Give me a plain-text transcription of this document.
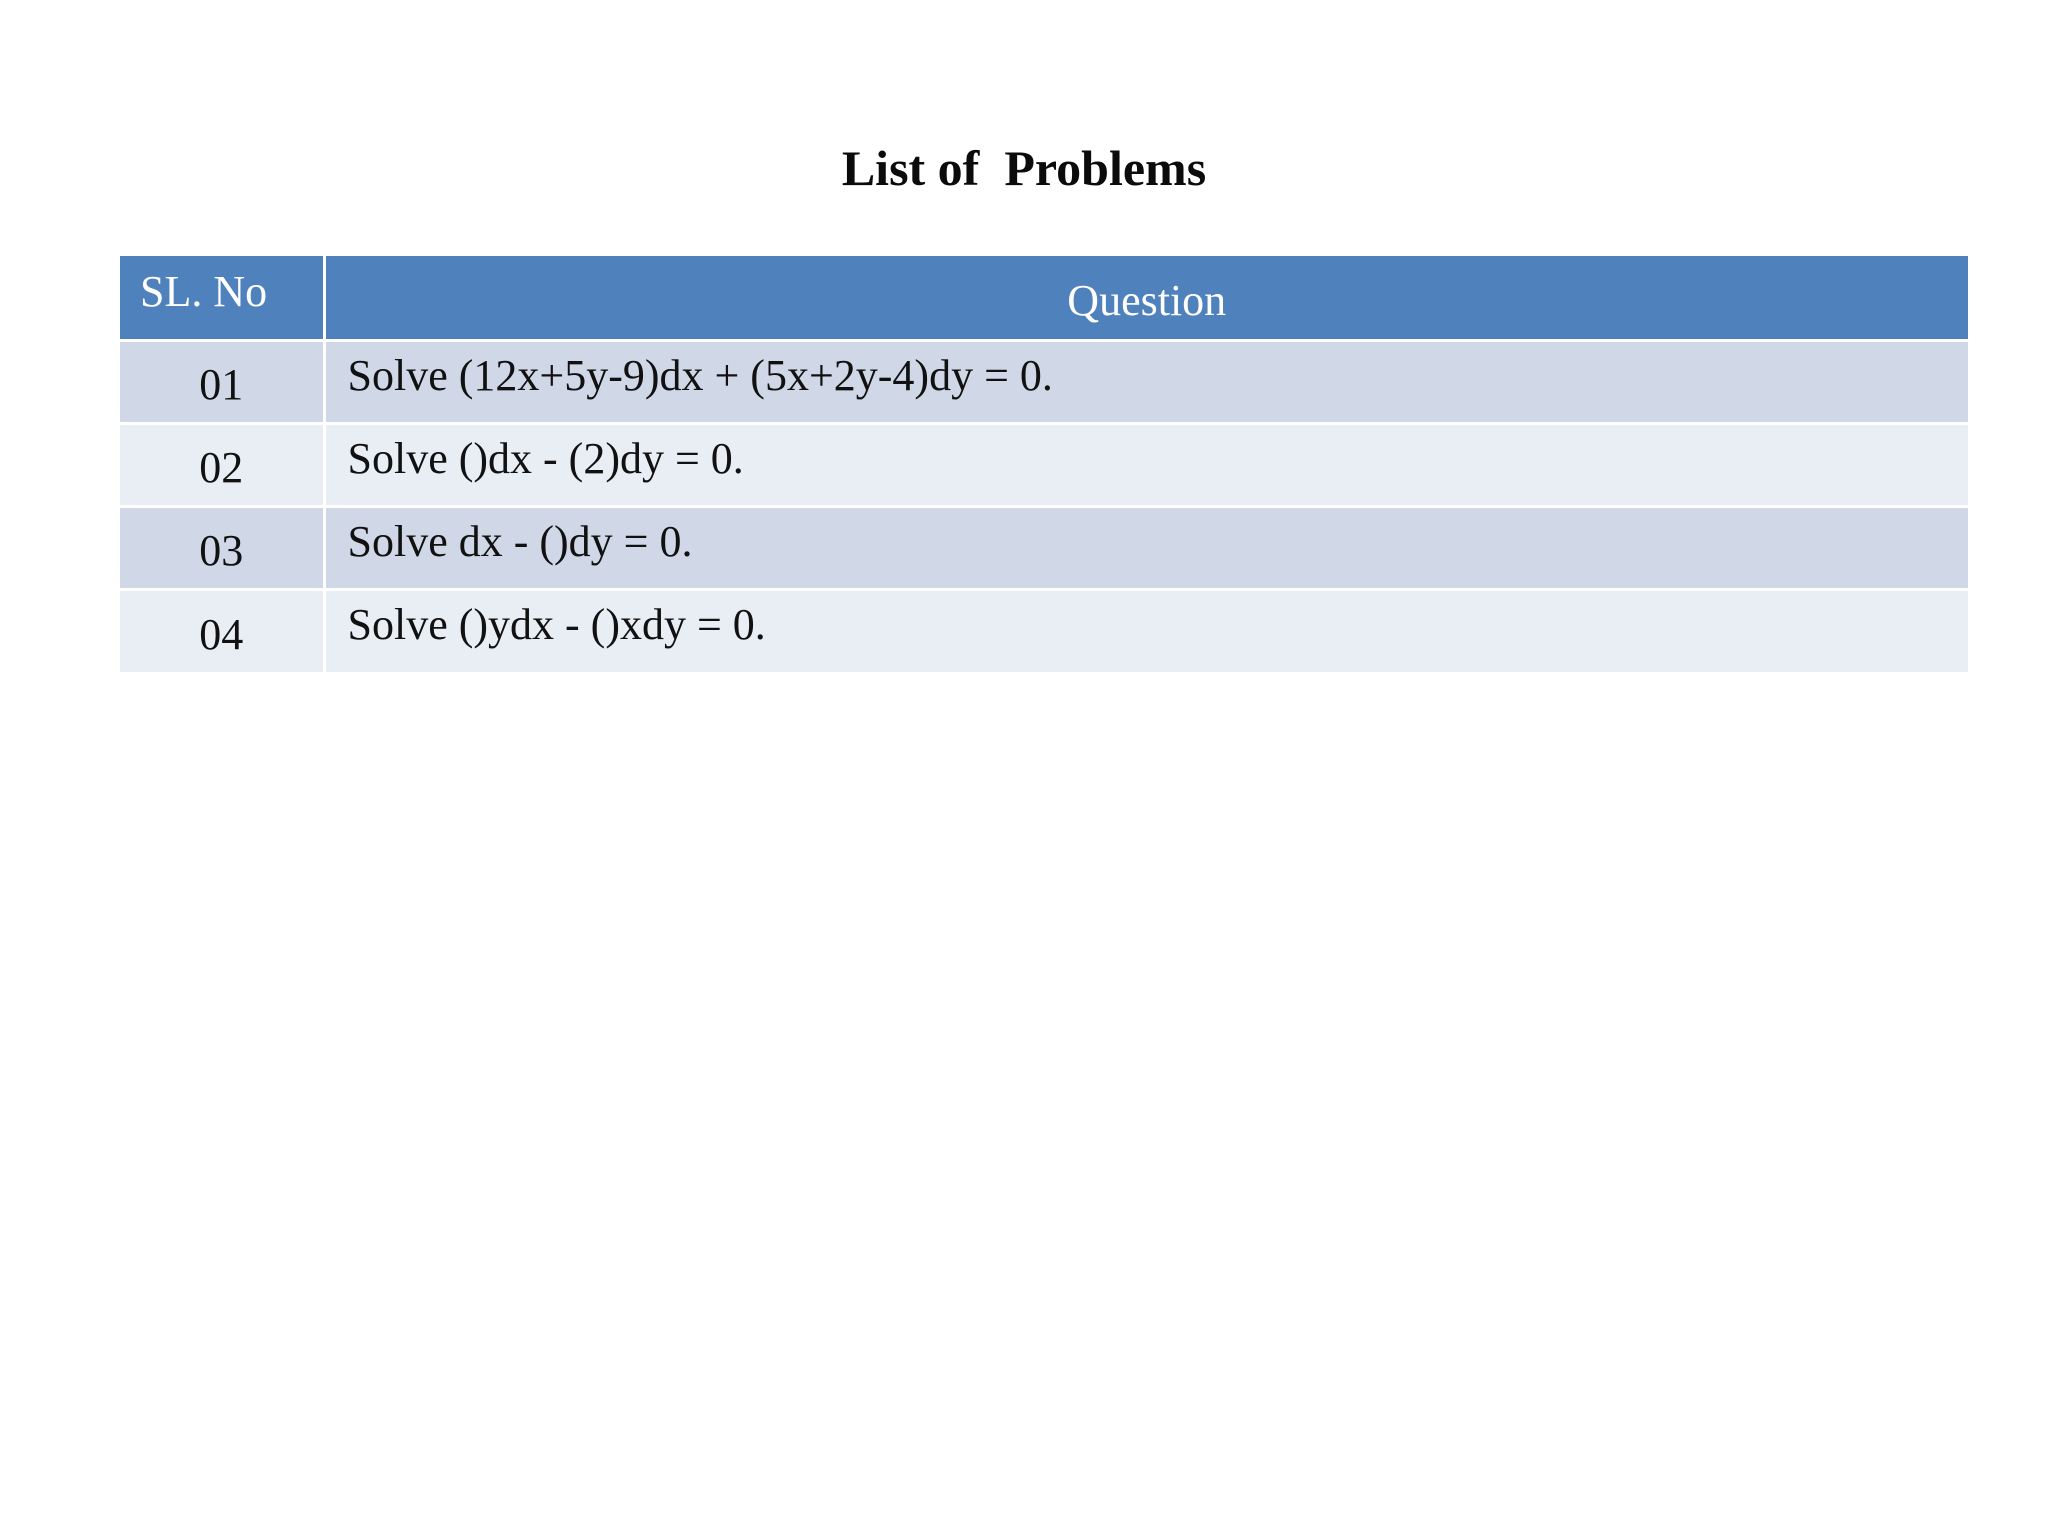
List of  Problems
SL. No	Question
01	Solve (12x+5y-9)dx + (5x+2y-4)dy = 0.
02	Solve ()dx - (2)dy = 0.
03	Solve dx - ()dy = 0.
04	Solve ()ydx - ()xdy = 0.
